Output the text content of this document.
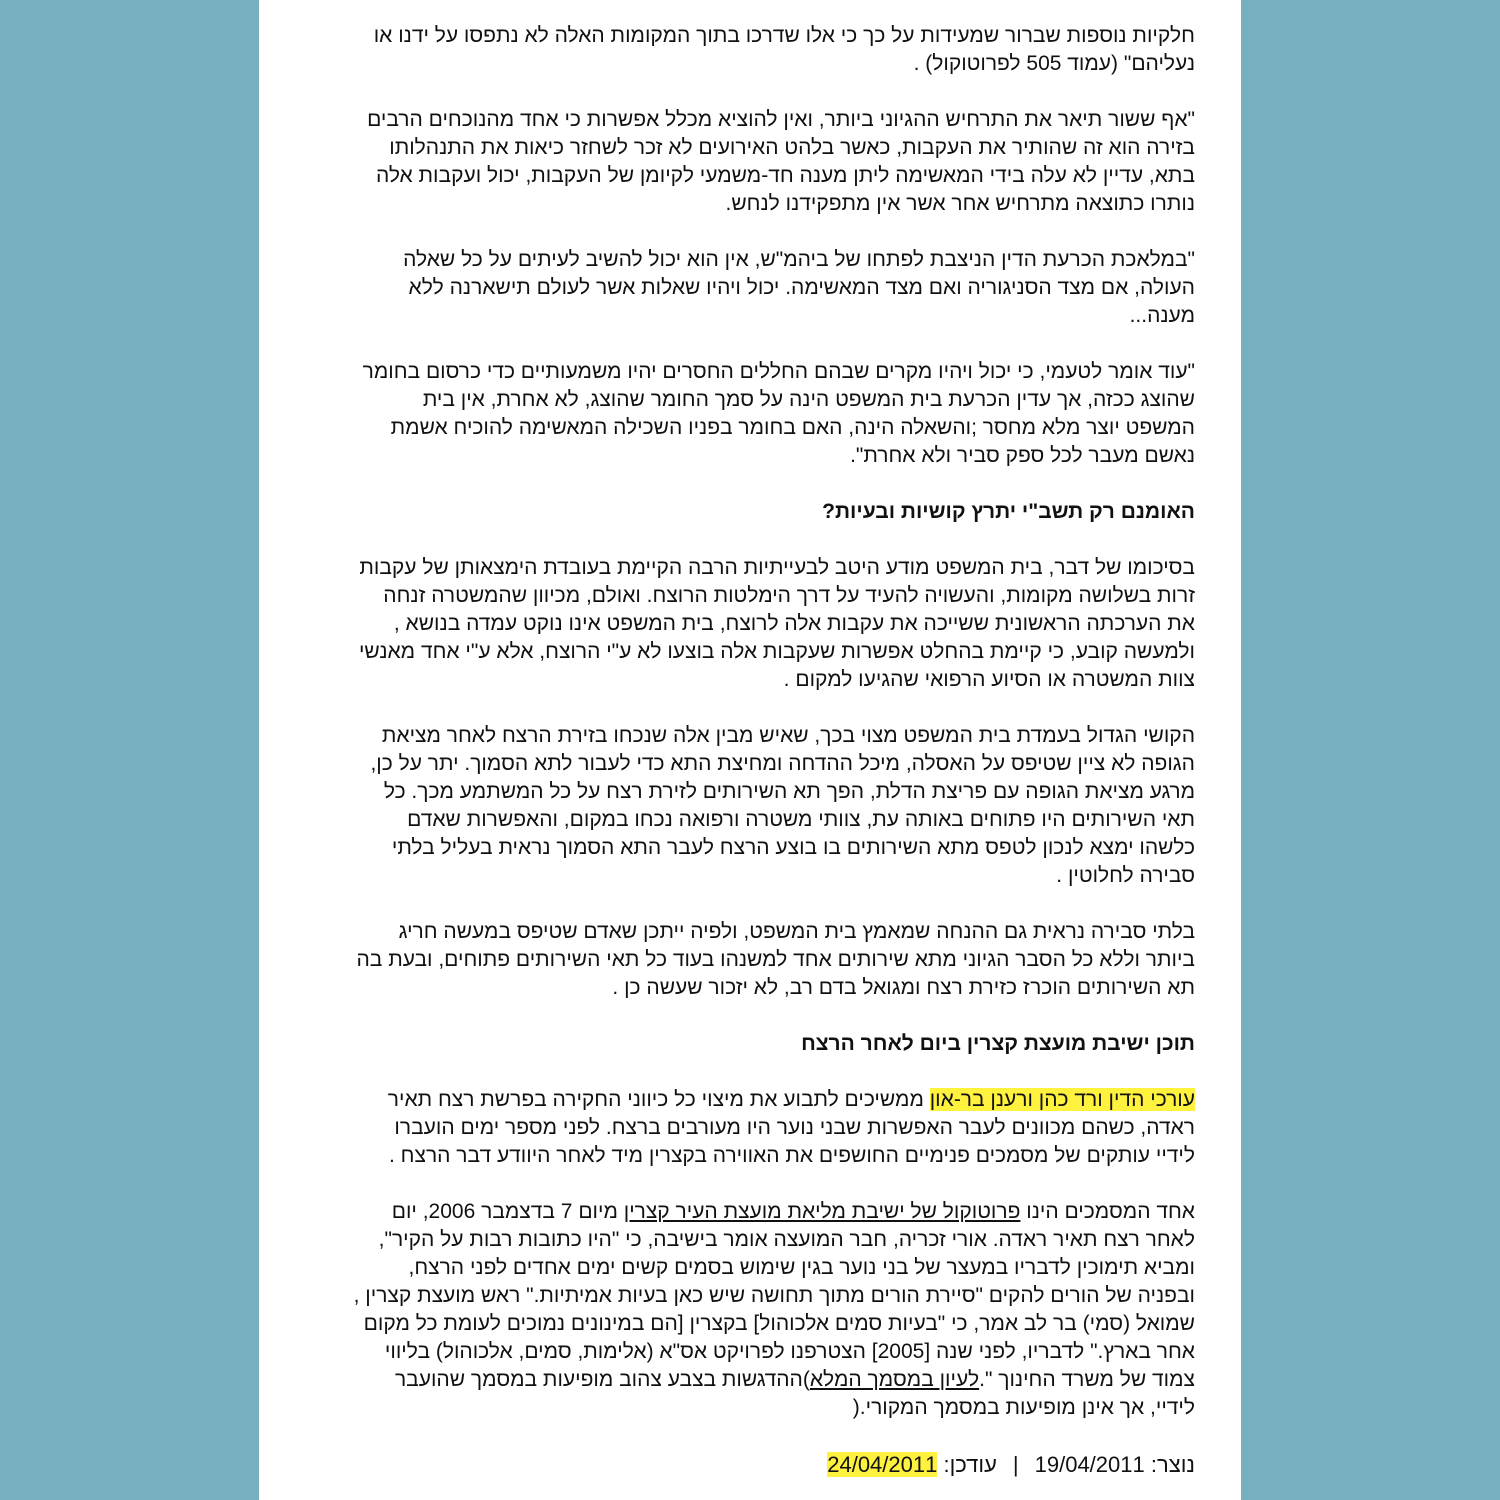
חלקיות נוספות שברור שמעידות על כך כי אלו שדרכו בתוך המקומות האלה לא נתפסו על ידנו או
נעליהם" (עמוד 505 לפרוטוקול) .
"אף ששור תיאר את התרחיש ההגיוני ביותר, ואין להוציא מכלל אפשרות כי אחד מהנוכחים הרבים
בזירה הוא זה שהותיר את העקבות, כאשר בלהט האירועים לא זכר לשחזר כיאות את התנהלותו
בתא, עדיין לא עלה בידי המאשימה ליתן מענה חד-משמעי לקיומן של העקבות, יכול ועקבות אלה
נותרו כתוצאה מתרחיש אחר אשר אין מתפקידנו לנחש.
"במלאכת הכרעת הדין הניצבת לפתחו של ביהמ"ש, אין הוא יכול להשיב לעיתים על כל שאלה
העולה, אם מצד הסניגוריה ואם מצד המאשימה. יכול ויהיו שאלות אשר לעולם תישארנה ללא
מענה...
"עוד אומר לטעמי, כי יכול ויהיו מקרים שבהם החללים החסרים יהיו משמעותיים כדי כרסום בחומר
שהוצג ככזה, אך עדין הכרעת בית המשפט הינה על סמך החומר שהוצג, לא אחרת, אין בית
המשפט יוצר מלא מחסר ;והשאלה הינה, האם בחומר בפניו השכילה המאשימה להוכיח אשמת
נאשם מעבר לכל ספק סביר ולא אחרת".
האומנם רק תשב"י יתרץ קושיות ובעיות?
בסיכומו של דבר, בית המשפט מודע היטב לבעייתיות הרבה הקיימת בעובדת הימצאותן של עקבות
זרות בשלושה מקומות, והעשויה להעיד על דרך הימלטות הרוצח. ואולם, מכיוון שהמשטרה זנחה
את הערכתה הראשונית ששייכה את עקבות אלה לרוצח, בית המשפט אינו נוקט עמדה בנושא ,
ולמעשה קובע, כי קיימת בהחלט אפשרות שעקבות אלה בוצעו לא ע"י הרוצח, אלא ע"י אחד מאנשי
צוות המשטרה או הסיוע הרפואי שהגיעו למקום .
הקושי הגדול בעמדת בית המשפט מצוי בכך, שאיש מבין אלה שנכחו בזירת הרצח לאחר מציאת
הגופה לא ציין שטיפס על האסלה, מיכל ההדחה ומחיצת התא כדי לעבור לתא הסמוך. יתר על כן,
מרגע מציאת הגופה עם פריצת הדלת, הפך תא השירותים לזירת רצח על כל המשתמע מכך. כל
תאי השירותים היו פתוחים באותה עת, צוותי משטרה ורפואה נכחו במקום, והאפשרות שאדם
כלשהו ימצא לנכון לטפס מתא השירותים בו בוצע הרצח לעבר התא הסמוך נראית בעליל בלתי
סבירה לחלוטין .
בלתי סבירה נראית גם ההנחה שמאמץ בית המשפט, ולפיה ייתכן שאדם שטיפס במעשה חריג
ביותר וללא כל הסבר הגיוני מתא שירותים אחד למשנהו בעוד כל תאי השירותים פתוחים, ובעת בה
תא השירותים הוכרז כזירת רצח ומגואל בדם רב, לא יזכור שעשה כן .
תוכן ישיבת מועצת קצרין ביום לאחר הרצח
עורכי הדין ורד כהן ורענן בר-און ממשיכים לתבוע את מיצוי כל כיווני החקירה בפרשת רצח תאיר
ראדה, כשהם מכוונים לעבר האפשרות שבני נוער היו מעורבים ברצח. לפני מספר ימים הועברו
לידיי עותקים של מסמכים פנימיים החושפים את האווירה בקצרין מיד לאחר היוודע דבר הרצח .
אחד המסמכים הינו פרוטוקול של ישיבת מליאת מועצת העיר קצרין מיום 7 בדצמבר 2006, יום
לאחר רצח תאיר ראדה. אורי זכריה, חבר המועצה אומר בישיבה, כי "היו כתובות רבות על הקיר",
ומביא תימוכין לדבריו במעצר של בני נוער בגין שימוש בסמים קשים ימים אחדים לפני הרצח,
ובפניה של הורים להקים "סיירת הורים מתוך תחושה שיש כאן בעיות אמיתיות." ראש מועצת קצרין ,
שמואל (סמי) בר לב אמר, כי "בעיות סמים אלכוהול] בקצרין [הם במינונים נמוכים לעומת כל מקום
אחר בארץ." לדבריו, לפני שנה [2005] הצטרפנו לפרויקט אס"א (אלימות, סמים, אלכוהול) בליווי
צמוד של משרד החינוך ".לעיון במסמך המלא)ההדגשות בצבע צהוב מופיעות במסמך שהועבר
לידיי, אך אינן מופיעות במסמך המקורי.(
נוצר: 19/04/2011|עודכן: 24/04/2011
